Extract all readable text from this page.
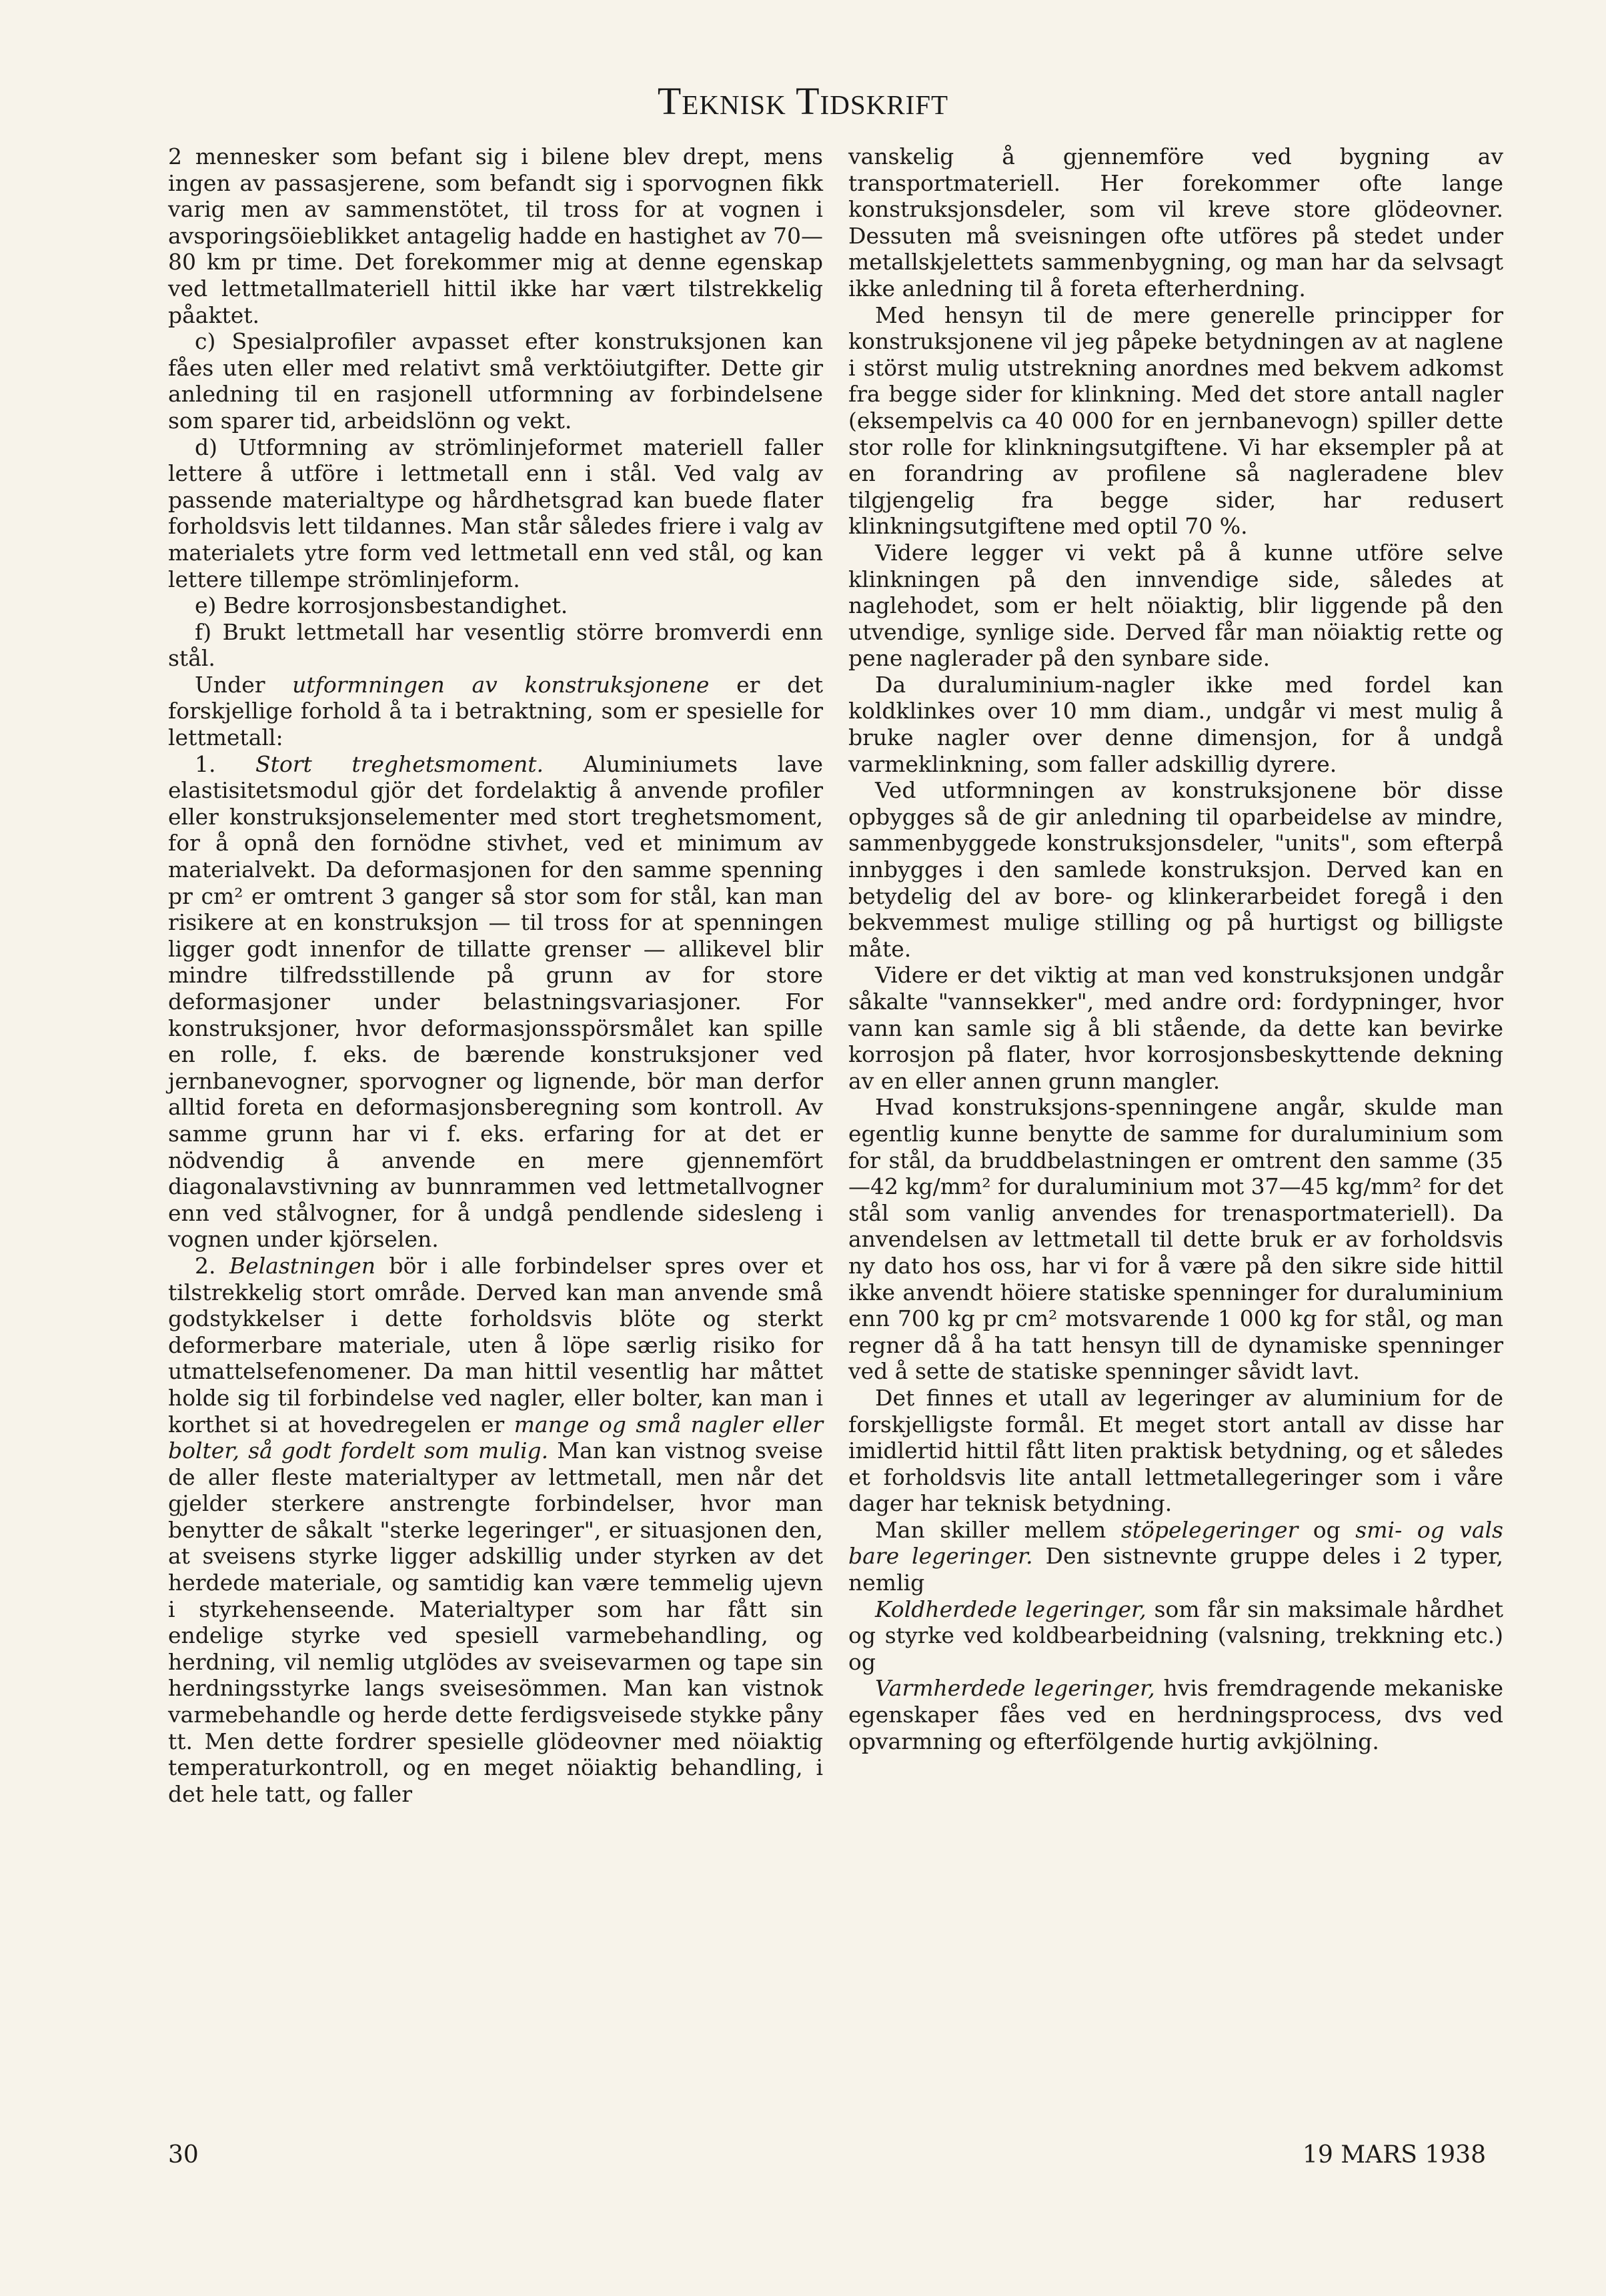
Teknisk Tidskrift

2 mennesker som befant sig i bilene blev drept, mens ingen av passasjerene, som befandt sig i sporvognen fikk varig men av sammenstötet, til tross for at vognen i avsporingsöieblikket antagelig hadde en hastighet av 70—80 km pr time. Det forekommer mig at denne egenskap ved lettmetallmateriell hittil ikke har vært tilstrekkelig påaktet.

c) Spesialprofiler avpasset efter konstruksjonen kan fåes uten eller med relativt små verktöiutgifter. Dette gir anledning til en rasjonell utformning av forbindelsene som sparer tid, arbeidslönn og vekt.

d) Utformning av strömlinjeformet materiell faller lettere å utföre i lettmetall enn i stål. Ved valg av passende materialtype og hårdhetsgrad kan buede flater forholdsvis lett tildannes. Man står således friere i valg av materialets ytre form ved lettmetall enn ved stål, og kan lettere tillempe strömlinjeform.

e) Bedre korrosjonsbestandighet.

f) Brukt lettmetall har vesentlig större bromverdi enn stål.

Under utformningen av konstruksjonene er det forskjellige forhold å ta i betraktning, som er spesielle for lettmetall:

1. Stort treghetsmoment. Aluminiumets lave elastisitetsmodul gjör det fordelaktig å anvende profiler eller konstruksjonselementer med stort treghetsmoment, for å opnå den fornödne stivhet, ved et minimum av materialvekt. Da deformasjonen for den samme spenning pr cm² er omtrent 3 ganger så stor som for stål, kan man risikere at en konstruksjon — til tross for at spenningen ligger godt innenfor de tillatte grenser — allikevel blir mindre tilfredsstillende på grunn av for store deformasjoner under belastningsvariasjoner. For konstruksjoner, hvor deformasjonsspörsmålet kan spille en rolle, f. eks. de bærende konstruksjoner ved jernbanevogner, sporvogner og lignende, bör man derfor alltid foreta en deformasjonsberegning som kontroll. Av samme grunn har vi f. eks. erfaring for at det er nödvendig å anvende en mere gjennemfört diagonalavstivning av bunnrammen ved lettmetallvogner enn ved stålvogner, for å undgå pendlende sidesleng i vognen under kjörselen.

2. Belastningen bör i alle forbindelser spres over et tilstrekkelig stort område. Derved kan man anvende små godstykkelser i dette forholdsvis blöte og sterkt deformerbare materiale, uten å löpe særlig risiko for utmattelsefenomener. Da man hittil vesentlig har måttet holde sig til forbindelse ved nagler, eller bolter, kan man i korthet si at hovedregelen er mange og små nagler eller bolter, så godt fordelt som mulig. Man kan vistnog sveise de aller fleste materialtyper av lettmetall, men når det gjelder sterkere anstrengte forbindelser, hvor man benytter de såkalt "sterke legeringer", er situasjonen den, at sveisens styrke ligger adskillig under styrken av det herdede materiale, og samtidig kan være temmelig ujevn i styrkehenseende. Materialtyper som har fått sin endelige styrke ved spesiell varmebehandling, og herdning, vil nemlig utglödes av sveisevarmen og tape sin herdningsstyrke langs sveisesömmen. Man kan vistnok varmebehandle og herde dette ferdigsveisede stykke påny tt. Men dette fordrer spesielle glödeovner med nöiaktig temperaturkontroll, og en meget nöiaktig behandling, i det hele tatt, og faller

vanskelig å gjennemföre ved bygning av transportmateriell. Her forekommer ofte lange konstruksjonsdeler, som vil kreve store glödeovner. Dessuten må sveisningen ofte utföres på stedet under metallskjelettets sammenbygning, og man har da selvsagt ikke anledning til å foreta efterherdning.

Med hensyn til de mere generelle principper for konstruksjonene vil jeg påpeke betydningen av at naglene i störst mulig utstrekning anordnes med bekvem adkomst fra begge sider for klinkning. Med det store antall nagler (eksempelvis ca 40 000 for en jernbanevogn) spiller dette stor rolle for klinkningsutgiftene. Vi har eksempler på at en forandring av profilene så nagleradene blev tilgjengelig fra begge sider, har redusert klinkningsutgiftene med optil 70 %.

Videre legger vi vekt på å kunne utföre selve klinkningen på den innvendige side, således at naglehodet, som er helt nöiaktig, blir liggende på den utvendige, synlige side. Derved får man nöiaktig rette og pene naglerader på den synbare side.

Da duraluminium-nagler ikke med fordel kan koldklinkes over 10 mm diam., undgår vi mest mulig å bruke nagler over denne dimensjon, for å undgå varmeklinkning, som faller adskillig dyrere.

Ved utformningen av konstruksjonene bör disse opbygges så de gir anledning til oparbeidelse av mindre, sammenbyggede konstruksjonsdeler, "units", som efterpå innbygges i den samlede konstruksjon. Derved kan en betydelig del av bore- og klinkerarbeidet foregå i den bekvemmest mulige stilling og på hurtigst og billigste måte.

Videre er det viktig at man ved konstruksjonen undgår såkalte "vannsekker", med andre ord: fordypninger, hvor vann kan samle sig å bli stående, da dette kan bevirke korrosjon på flater, hvor korrosjonsbeskyttende dekning av en eller annen grunn mangler.

Hvad konstruksjons-spenningene angår, skulde man egentlig kunne benytte de samme for duraluminium som for stål, da bruddbelastningen er omtrent den samme (35—42 kg/mm² for duraluminium mot 37—45 kg/mm² for det stål som vanlig anvendes for trenasportmateriell). Da anvendelsen av lettmetall til dette bruk er av forholdsvis ny dato hos oss, har vi for å være på den sikre side hittil ikke anvendt höiere statiske spenninger for duraluminium enn 700 kg pr cm² motsvarende 1 000 kg for stål, og man regner då å ha tatt hensyn till de dynamiske spenninger ved å sette de statiske spenninger såvidt lavt.

Det finnes et utall av legeringer av aluminium for de forskjelligste formål. Et meget stort antall av disse har imidlertid hittil fått liten praktisk betydning, og et således et forholdsvis lite antall lettmetallegeringer som i våre dager har teknisk betydning.

Man skiller mellem stöpelegeringer og smi- og vals bare legeringer. Den sistnevnte gruppe deles i 2 typer, nemlig

Koldherdede legeringer, som får sin maksimale hårdhet og styrke ved koldbearbeidning (valsning, trekkning etc.) og

Varmherdede legeringer, hvis fremdragende mekaniske egenskaper fåes ved en herdningsprocess, dvs ved opvarmning og efterfölgende hurtig avkjölning.

30	19 MARS 1938
